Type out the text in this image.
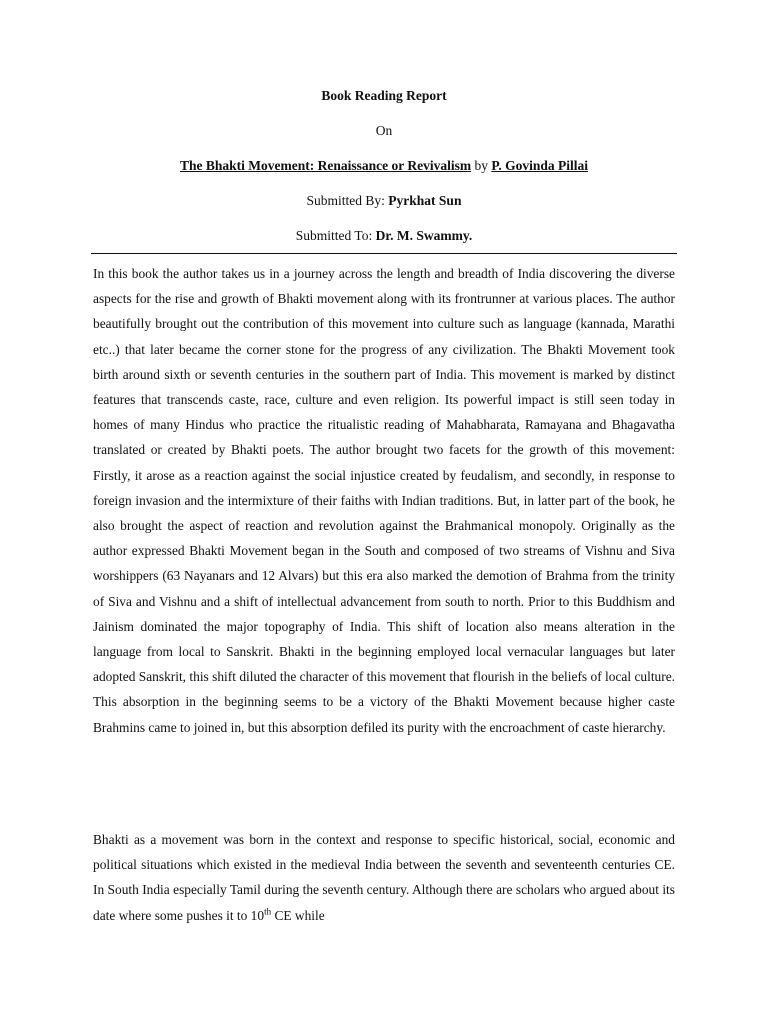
Book Reading Report
On
The Bhakti Movement: Renaissance or Revivalism by P. Govinda Pillai
Submitted By: Pyrkhat Sun
Submitted To: Dr. M. Swammy.

In this book the author takes us in a journey across the length and breadth of India discovering the diverse aspects for the rise and growth of Bhakti movement along with its frontrunner at various places. The author beautifully brought out the contribution of this movement into culture such as language (kannada, Marathi etc..) that later became the corner stone for the progress of any civilization. The Bhakti Movement took birth around sixth or seventh centuries in the southern part of India. This movement is marked by distinct features that transcends caste, race, culture and even religion. Its powerful impact is still seen today in homes of many Hindus who practice the ritualistic reading of Mahabharata, Ramayana and Bhagavatha translated or created by Bhakti poets. The author brought two facets for the growth of this movement: Firstly, it arose as a reaction against the social injustice created by feudalism, and secondly, in response to foreign invasion and the intermixture of their faiths with Indian traditions. But, in latter part of the book, he also brought the aspect of reaction and revolution against the Brahmanical monopoly. Originally as the author expressed Bhakti Movement began in the South and composed of two streams of Vishnu and Siva worshippers (63 Nayanars and 12 Alvars) but this era also marked the demotion of Brahma from the trinity of Siva and Vishnu and a shift of intellectual advancement from south to north. Prior to this Buddhism and Jainism dominated the major topography of India. This shift of location also means alteration in the language from local to Sanskrit. Bhakti in the beginning employed local vernacular languages but later adopted Sanskrit, this shift diluted the character of this movement that flourish in the beliefs of local culture. This absorption in the beginning seems to be a victory of the Bhakti Movement because higher caste Brahmins came to joined in, but this absorption defiled its purity with the encroachment of caste hierarchy.

Bhakti as a movement was born in the context and response to specific historical, social, economic and political situations which existed in the medieval India between the seventh and seventeenth centuries CE. In South India especially Tamil during the seventh century. Although there are scholars who argued about its date where some pushes it to 10th CE while
